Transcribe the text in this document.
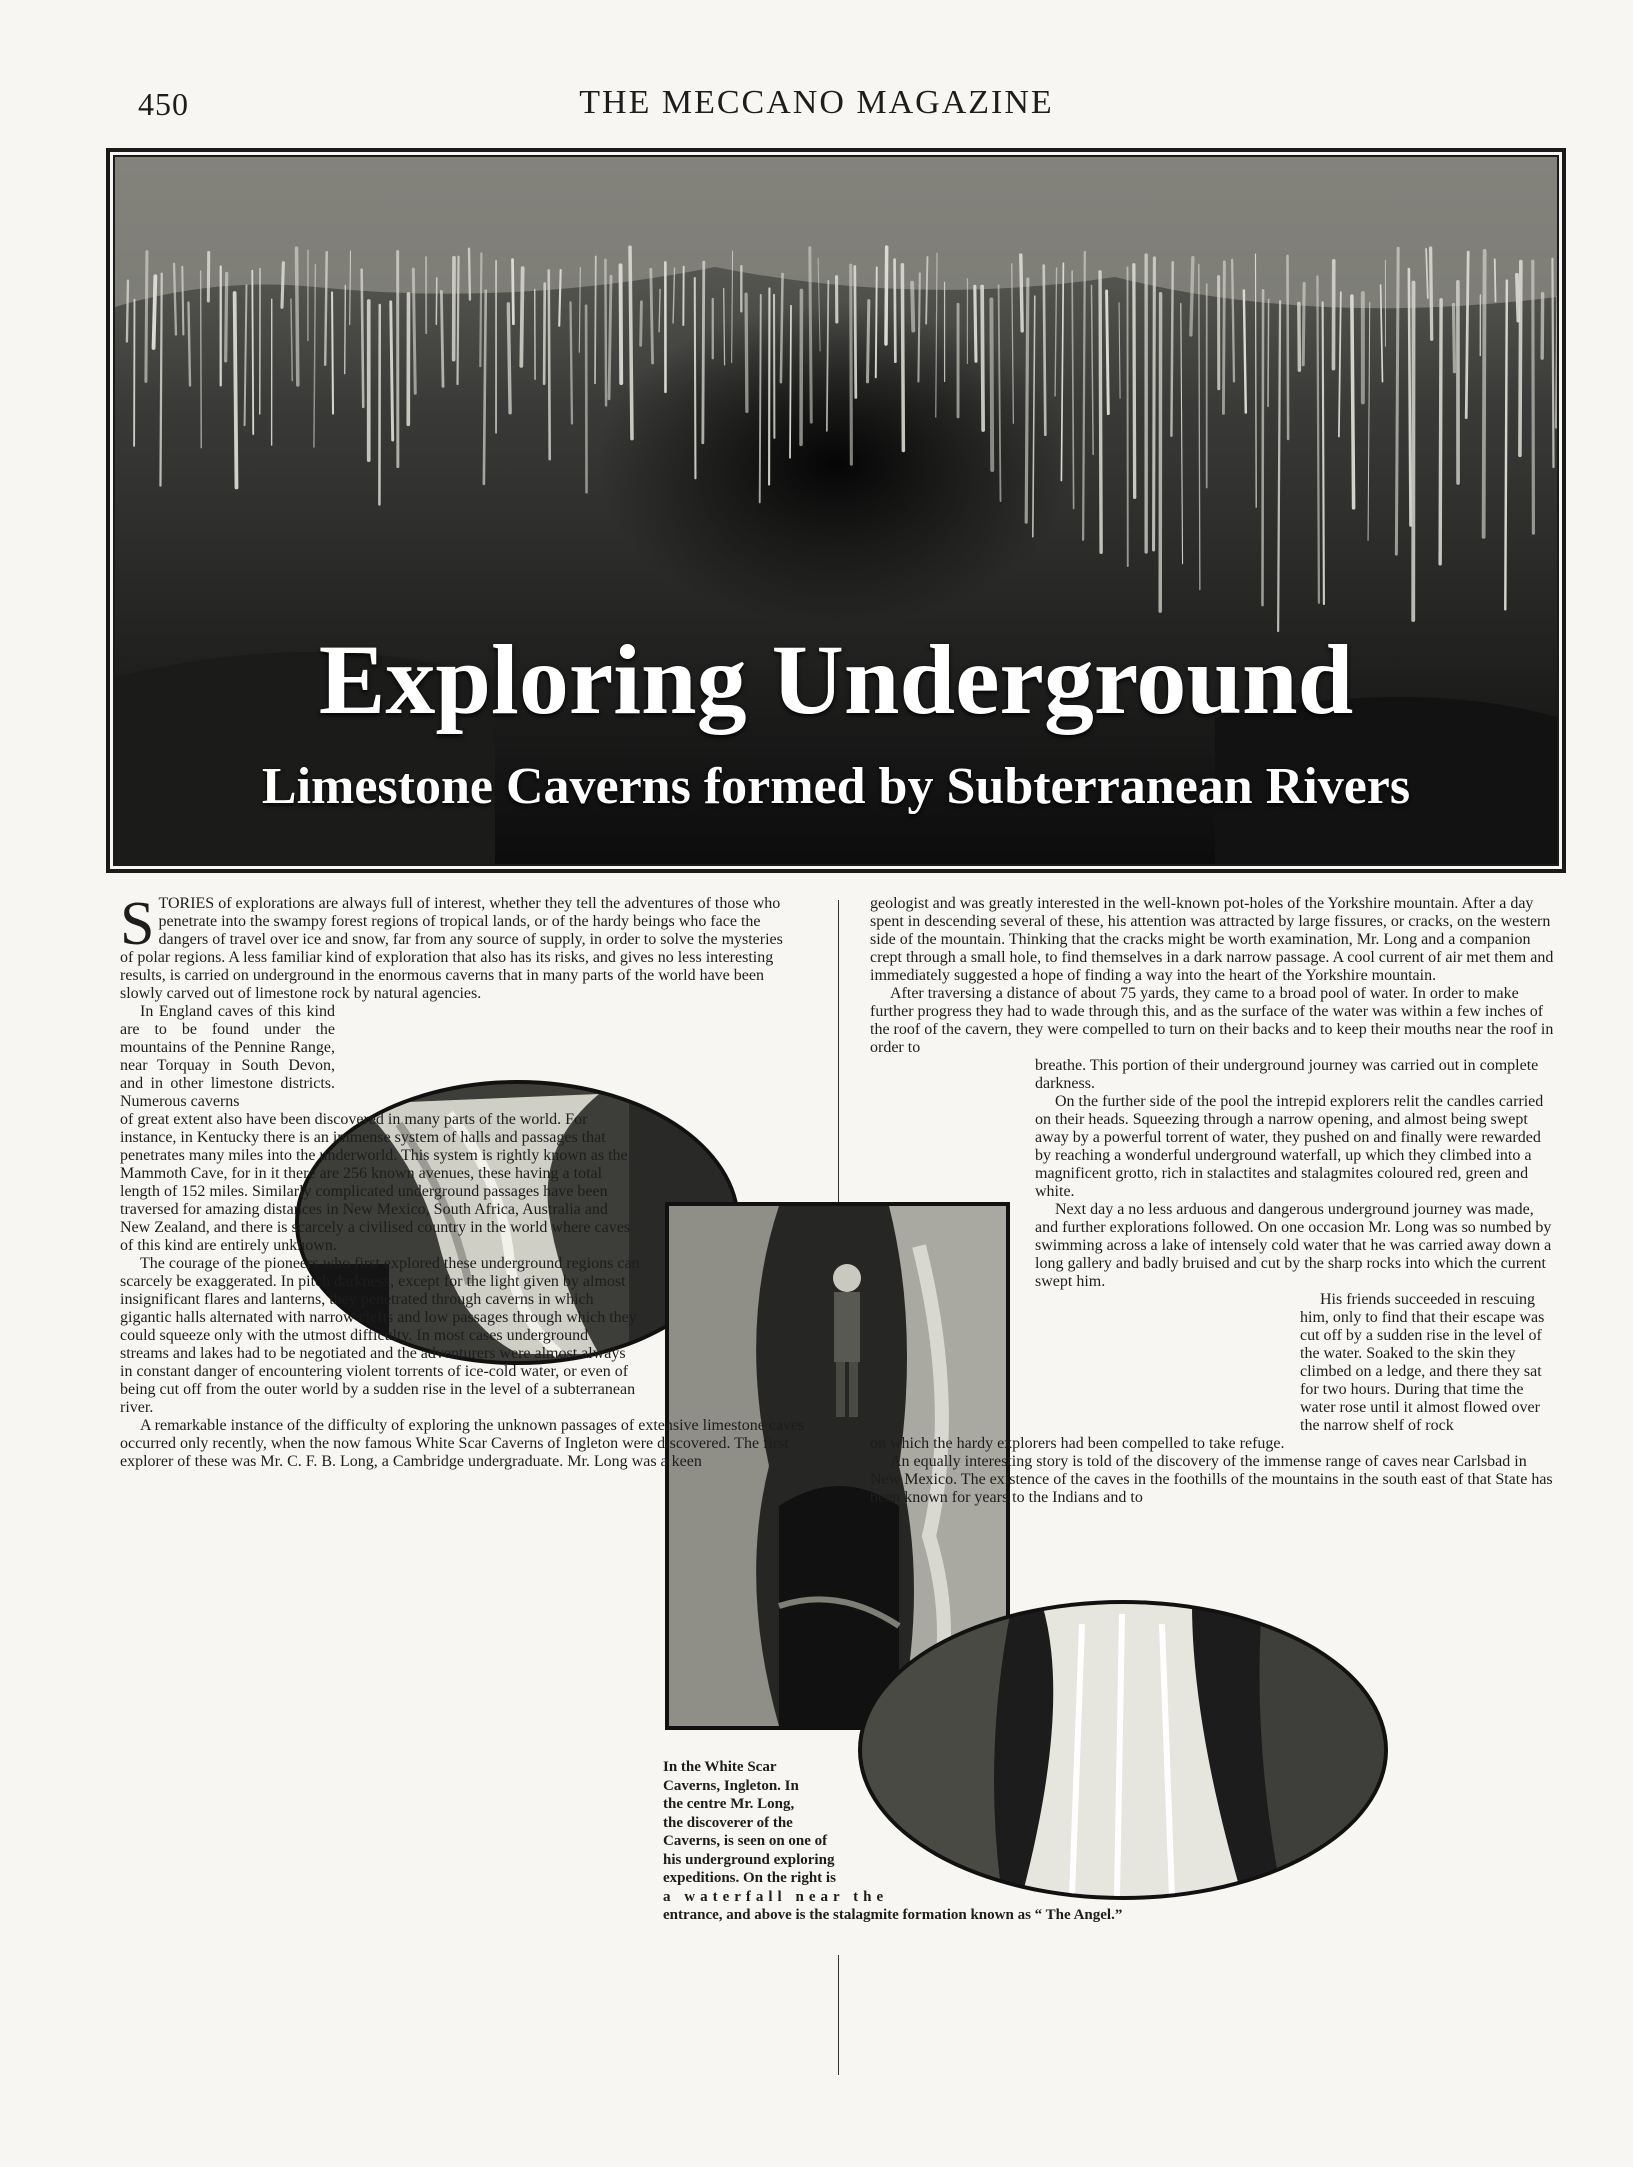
450	THE MECCANO MAGAZINE
Exploring Underground
Limestone Caverns formed by Subterranean Rivers
In the White Scar
Caverns, Ingleton. In
the centre Mr. Long,
the discoverer of the
Caverns, is seen on one of
his underground exploring
expeditions. On the right is
a waterfall near the
entrance, and above is the stalagmite formation known as “ The Angel.”

STORIES of explorations are always full of interest, whether they tell the adventures of those who penetrate into the swampy forest regions of tropical lands, or of the hardy beings who face the dangers of travel over ice and snow, far from any source of supply, in order to solve the mysteries of polar regions. A less familiar kind of exploration that also has its risks, and gives no less interesting results, is carried on underground in the enormous caverns that in many parts of the world have been slowly carved out of limestone rock by natural agencies.

In England caves of this kind are to be found under the mountains of the Pennine Range, near Torquay in South Devon, and in other limestone districts. Numerous caverns

of great extent also have been discovered in many parts of the world. For instance, in Kentucky there is an immense system of halls and passages that penetrates many miles into the underworld. This system is rightly known as the Mammoth Cave, for in it there are 256 known avenues, these having a total length of 152 miles. Similarly complicated underground passages have been traversed for amazing distances in New Mexico, South Africa, Australia and New Zealand, and there is scarcely a civilised country in the world where caves of this kind are entirely unknown.

The courage of the pioneers who first explored these underground regions can scarcely be exaggerated. In pitch darkness, except for the light given by almost insignificant flares and lanterns, they penetrated through caverns in which gigantic halls alternated with narrow clefts and low passages through which they could squeeze only with the utmost difficulty. In most cases underground streams and lakes had to be negotiated and the adventurers were almost always in constant danger of encountering violent torrents of ice-cold water, or even of being cut off from the outer world by a sudden rise in the level of a subterranean river.

A remarkable instance of the difficulty of exploring the unknown passages of extensive limestone caves occurred only recently, when the now famous White Scar Caverns of Ingleton were discovered. The first explorer of these was Mr. C. F. B. Long, a Cambridge undergraduate. Mr. Long was a keen

geologist and was greatly interested in the well-known pot-holes of the Yorkshire mountain. After a day spent in descending several of these, his attention was attracted by large fissures, or cracks, on the western side of the mountain. Thinking that the cracks might be worth examination, Mr. Long and a companion crept through a small hole, to find themselves in a dark narrow passage. A cool current of air met them and immediately suggested a hope of finding a way into the heart of the Yorkshire mountain.

After traversing a distance of about 75 yards, they came to a broad pool of water. In order to make further progress they had to wade through this, and as the surface of the water was within a few inches of the roof of the cavern, they were compelled to turn on their backs and to keep their mouths near the roof in order to

breathe. This portion of their underground journey was carried out in complete darkness.

On the further side of the pool the intrepid explorers relit the candles carried on their heads. Squeezing through a narrow opening, and almost being swept away by a powerful torrent of water, they pushed on and finally were rewarded by reaching a wonderful underground waterfall, up which they climbed into a magnificent grotto, rich in stalactites and stalagmites coloured red, green and white.

Next day a no less arduous and dangerous underground journey was made, and further explorations followed. On one occasion Mr. Long was so numbed by swimming across a lake of intensely cold water that he was carried away down a long gallery and badly bruised and cut by the sharp rocks into which the current swept him.

His friends succeeded in rescuing him, only to find that their escape was cut off by a sudden rise in the level of the water. Soaked to the skin they climbed on a ledge, and there they sat for two hours. During that time the water rose until it almost flowed over the narrow shelf of rock

on which the hardy explorers had been compelled to take refuge.

An equally interesting story is told of the discovery of the immense range of caves near Carlsbad in New Mexico. The existence of the caves in the foothills of the mountains in the south east of that State has been known for years to the Indians and to
